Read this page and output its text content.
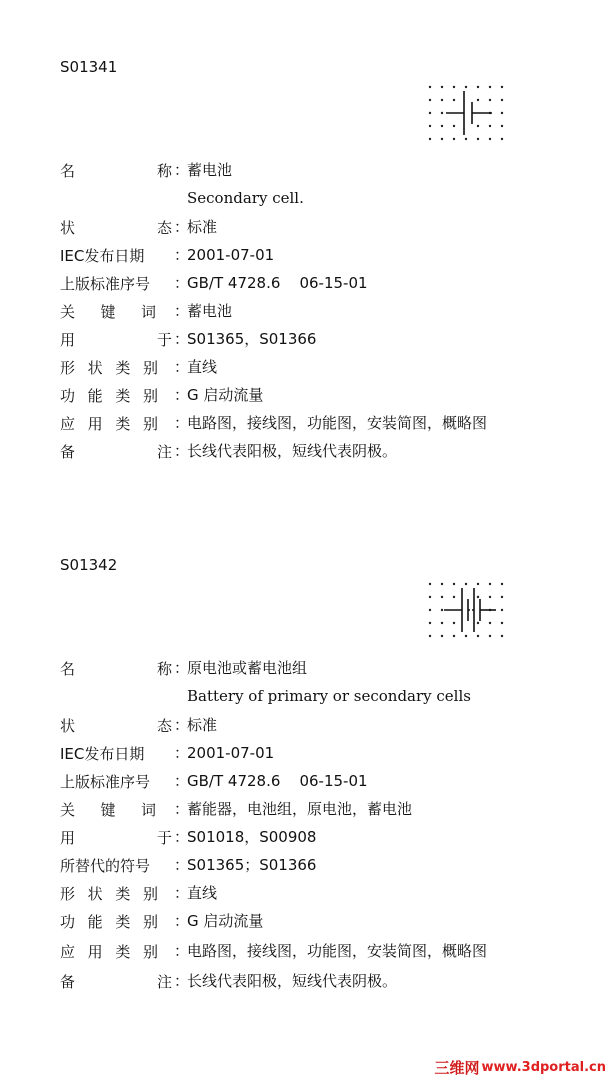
S01341
名	称 ：
蓄电池
Secondary cell.
状	态 ：
标准
IEC发布日期 ：
2001-07-01
上版标准序号 ：
GB/T 4728.6    06-15-01
关 键 词 ：
蓄电池
用	于 ：
S01365，S01366
形 状 类 别 ：
直线
功 能 类 别 ：
G 启动流量
应 用 类 别 ：
电路图，接线图，功能图，安装简图，概略图
备	注 ：
长线代表阳极，短线代表阴极。
S01342
名	称 ：
原电池或蓄电池组
Battery of primary or secondary cells
状	态 ：
标准
IEC发布日期 ：
2001-07-01
上版标准序号 ：
GB/T 4728.6    06-15-01
关 键 词 ：
蓄能器，电池组，原电池，蓄电池
用	于 ：
S01018，S00908
所替代的符号 ：
S01365；S01366
形 状 类 别 ：
直线
功 能 类 别 ：
G 启动流量
应 用 类 别 ：
电路图，接线图，功能图，安装简图，概略图
备	注 ：
长线代表阳极，短线代表阴极。
三维网 www.3dportal.cn
